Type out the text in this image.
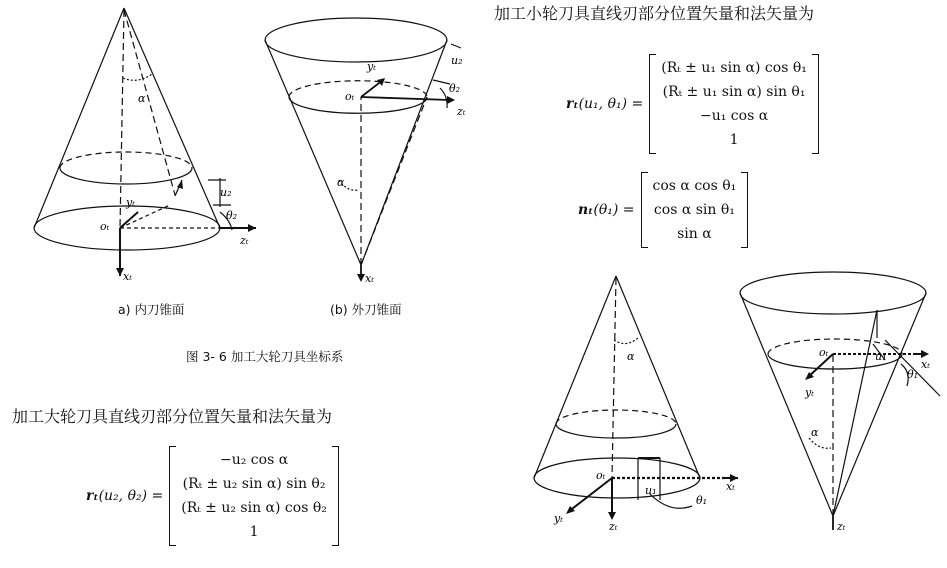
α
u₂
θ₂
oₜ
yₜ
zₜ
xₜ
u₂
θ₂
yₜ
oₜ
zₜ
α
xₜ
a) 内刀锥面	(b) 外刀锥面
图 3- 6 加工大轮刀具坐标系
加工小轮刀具直线刃部分位置矢量和法矢量为
加工大轮刀具直线刃部分位置矢量和法矢量为
rₜ(u₁, θ₁) =
(Rₜ ± u₁ sin α) cos θ₁
(Rₜ ± u₁ sin α) sin θ₁
−u₁ cos α
1
nₜ(θ₁) =
cos α cos θ₁
cos α sin θ₁
sin α
rₜ(u₂, θ₂) =
−u₂ cos α
(Rₜ ± u₂ sin α) sin θ₂
(Rₜ ± u₂ sin α) cos θ₂
1
α
oₜ
u₁
θ₁
xₜ
yₜ
zₜ
oₜ	u₁
xₜ
θ₁
yₜ
α
zₜ
